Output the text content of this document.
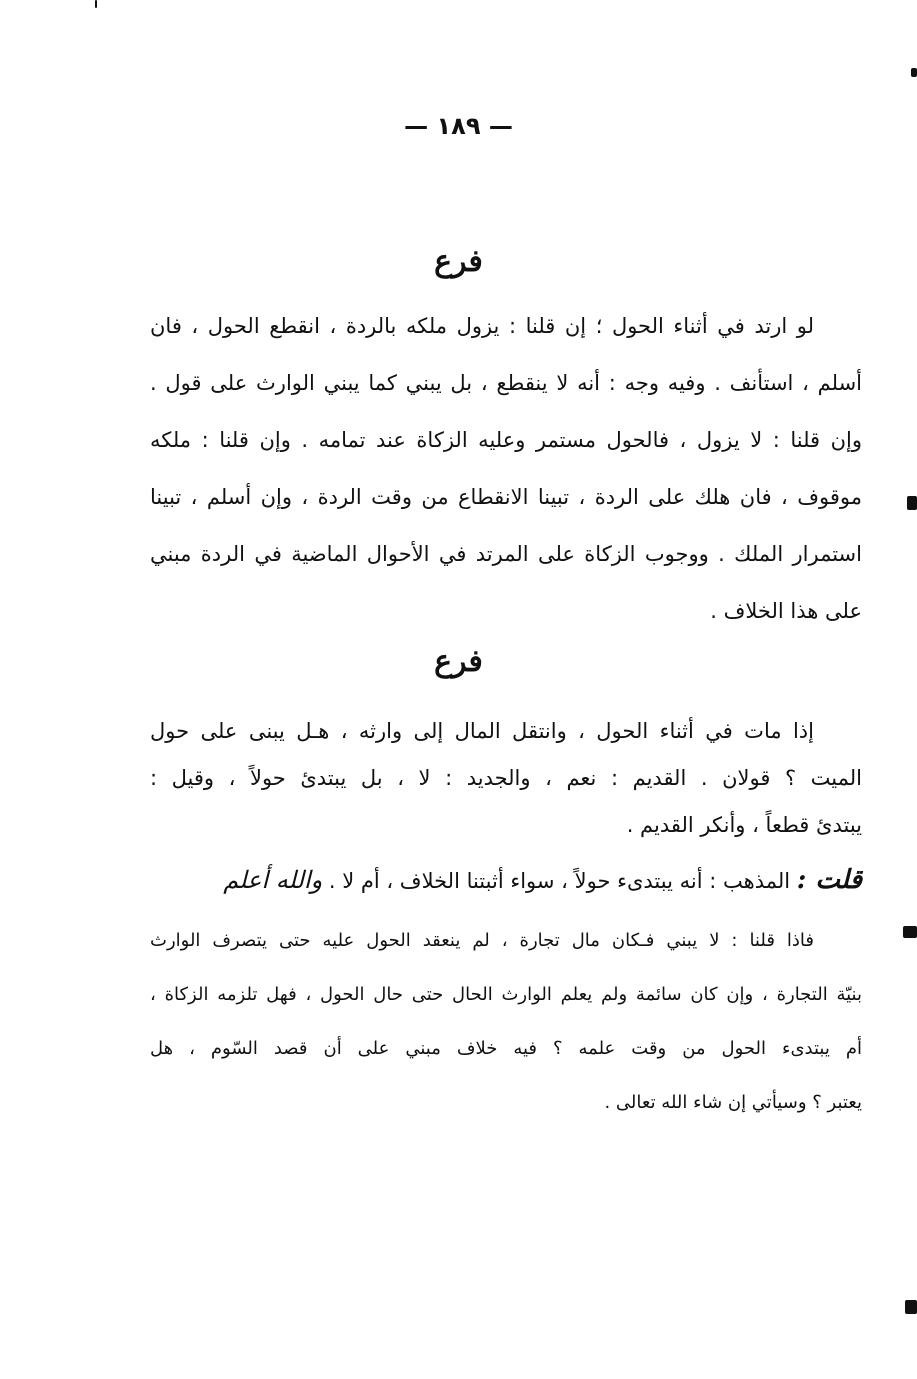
— ١٨٩ —
فرع
لو ارتد في أثناء الحول ؛ إن قلنا : يزول ملكه بالردة ، انقطع الحول ، فان
أسلم ، استأنف . وفيه وجه : أنه لا ينقطع ، بل يبني كما يبني الوارث على قول .
وإن قلنا : لا يزول ، فالحول مستمر وعليه الزكاة عند تمامه . وإن قلنا : ملكه
موقوف ، فان هلك على الردة ، تبينا الانقطاع من وقت الردة ، وإن أسلم ، تبينا
استمرار الملك . ووجوب الزكاة على المرتد في الأحوال الماضية في الردة مبني
على هذا الخلاف .
فرع
إذا مات في أثناء الحول ، وانتقل المال إلى وارثه ، هـل يبنى على حول
الميت ؟ قولان . القديم : نعم ، والجديد : لا ، بل يبتدئ حولاً ، وقيل :
يبتدئ قطعاً ، وأنكر القديم .
قلت : المذهب : أنه يبتدىء حولاً ، سواء أثبتنا الخلاف ، أم لا . والله أعلم
فاذا قلنا : لا يبني فـكان مال تجارة ، لم ينعقد الحول عليه حتى يتصرف الوارث
بنيّة التجارة ، وإن كان سائمة ولم يعلم الوارث الحال حتى حال الحول ، فهل تلزمه الزكاة ،
أم يبتدىء الحول من وقت علمه ؟ فيه خلاف مبني على أن قصد السّوم ، هل
يعتبر ؟ وسيأتي إن شاء الله تعالى .
